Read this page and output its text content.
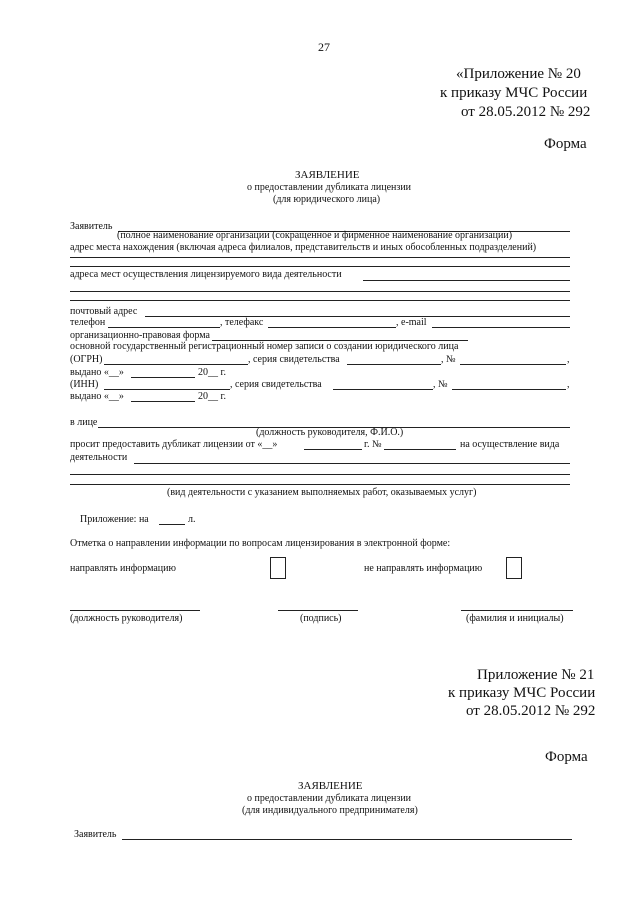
27
«Приложение № 20
к приказу МЧС России
от 28.05.2012 № 292
Форма
ЗАЯВЛЕНИЕ
о предоставлении дубликата лицензии
(для юридического лица)
Заявитель
(полное наименование организации (сокращенное и фирменное наименование организации)
адрес места нахождения (включая адреса филиалов, представительств и иных обособленных подразделений)
адреса мест осуществления лицензируемого вида деятельности
почтовый адрес
телефон	, телефакс	, e-mail
организационно-правовая форма
основной государственный регистрационный номер записи о создании юридического лица
(ОГРН)	, серия свидетельства	, №	,
выдано «__»	20__ г.
(ИНН)	, серия свидетельства	, №	,
выдано «__»	20__ г.
в лице
(должность руководителя, Ф.И.О.)
просит предоставить дубликат лицензии от «__»	г. №	на осуществление вида
деятельности
(вид деятельности с указанием выполняемых работ, оказываемых услуг)
Приложение: на	л.
Отметка о направлении информации по вопросам лицензирования в электронной форме:
направлять информацию	не направлять информацию
(должность руководителя)	(подпись)	(фамилия и инициалы)
Приложение № 21
к приказу МЧС России
от 28.05.2012 № 292
Форма
ЗАЯВЛЕНИЕ
о предоставлении дубликата лицензии
(для индивидуального предпринимателя)
Заявитель
